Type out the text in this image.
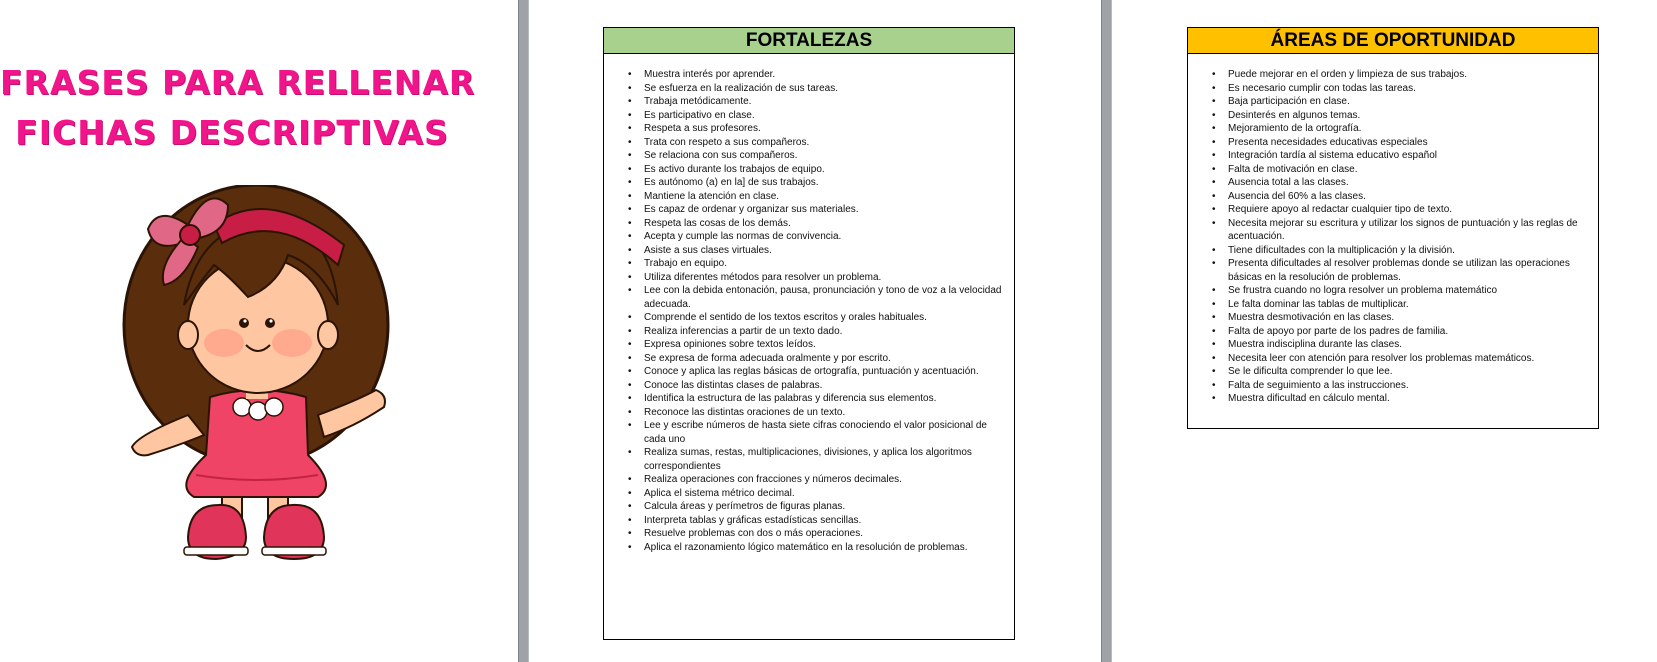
FRASES PARA RELLENAR
FICHAS DESCRIPTIVAS
FORTALEZAS
• Muestra interés por aprender.
• Se esfuerza en la realización de sus tareas.
• Trabaja metódicamente.
• Es participativo en clase.
• Respeta a sus profesores.
• Trata con respeto a sus compañeros.
• Se relaciona con sus compañeros.
• Es activo durante los trabajos de equipo.
• Es autónomo (a) en la] de sus trabajos.
• Mantiene la atención en clase.
• Es capaz de ordenar y organizar sus materiales.
• Respeta las cosas de los demás.
• Acepta y cumple las normas de convivencia.
• Asiste a sus clases virtuales.
• Trabajo en equipo.
• Utiliza diferentes métodos para resolver un problema.
• Lee con la debida entonación, pausa, pronunciación y tono de voz a la velocidad adecuada.
• Comprende el sentido de los textos escritos y orales habituales.
• Realiza inferencias a partir de un texto dado.
• Expresa opiniones sobre textos leídos.
• Se expresa de forma adecuada oralmente y por escrito.
• Conoce y aplica las reglas básicas de ortografía, puntuación y acentuación.
• Conoce las distintas clases de palabras.
• Identifica la estructura de las palabras y diferencia sus elementos.
• Reconoce las distintas oraciones de un texto.
• Lee y escribe números de hasta siete cifras conociendo el valor posicional de cada uno
• Realiza sumas, restas, multiplicaciones, divisiones, y aplica los algoritmos correspondientes
• Realiza operaciones con fracciones y números decimales.
• Aplica el sistema métrico decimal.
• Calcula áreas y perímetros de figuras planas.
• Interpreta tablas y gráficas estadísticas sencillas.
• Resuelve problemas con dos o más operaciones.
• Aplica el razonamiento lógico matemático en la resolución de problemas.
ÁREAS DE OPORTUNIDAD
• Puede mejorar en el orden y limpieza de sus trabajos.
• Es necesario cumplir con todas las tareas.
• Baja participación en clase.
• Desinterés en algunos temas.
• Mejoramiento de la ortografía.
• Presenta necesidades educativas especiales
• Integración tardía al sistema educativo español
• Falta de motivación en clase.
• Ausencia total a las clases.
• Ausencia del 60% a las clases.
• Requiere apoyo al redactar cualquier tipo de texto.
• Necesita mejorar su escritura y utilizar los signos de puntuación y las reglas de acentuación.
• Tiene dificultades con la multiplicación y la división.
• Presenta dificultades al resolver problemas donde se utilizan las operaciones básicas en la resolución de problemas.
• Se frustra cuando no logra resolver un problema matemático
• Le falta dominar las tablas de multiplicar.
• Muestra desmotivación en las clases.
• Falta de apoyo por parte de los padres de familia.
• Muestra indisciplina durante las clases.
• Necesita leer con atención para resolver los problemas matemáticos.
• Se le dificulta comprender lo que lee.
• Falta de seguimiento a las instrucciones.
• Muestra dificultad en cálculo mental.
